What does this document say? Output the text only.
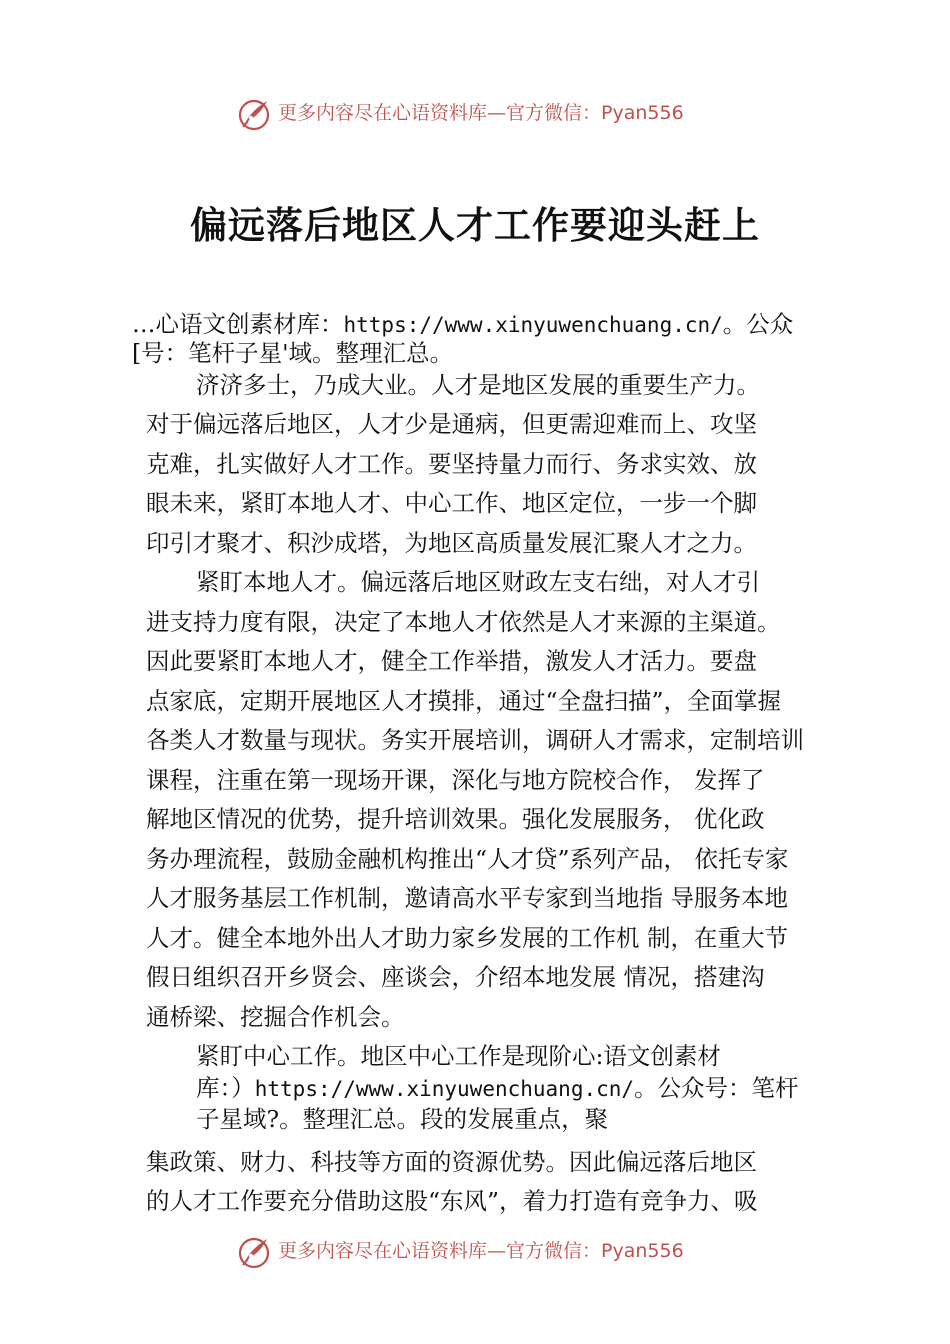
更多内容尽在心语资料库—官方微信：Pyan556
偏远落后地区人才工作要迎头赶上
…心语文创素材库：https://www.xinyuwenchuang.cn/。公众
[号：笔杆子星'域。整理汇总。
济济多士，乃成大业。人才是地区发展的重要生产力。
对于偏远落后地区，人才少是通病，但更需迎难而上、攻坚
克难，扎实做好人才工作。要坚持量力而行、务求实效、放
眼未来，紧盯本地人才、中心工作、地区定位，一步一个脚
印引才聚才、积沙成塔，为地区高质量发展汇聚人才之力。
紧盯本地人才。偏远落后地区财政左支右绌，对人才引
进支持力度有限，决定了本地人才依然是人才来源的主渠道。
因此要紧盯本地人才，健全工作举措，激发人才活力。要盘
点家底，定期开展地区人才摸排，通过“全盘扫描”，全面掌握
各类人才数量与现状。务实开展培训，调研人才需求，定制培训
课程，注重在第一现场开课，深化与地方院校合作， 发挥了
解地区情况的优势，提升培训效果。强化发展服务， 优化政
务办理流程，鼓励金融机构推出“人才贷”系列产品， 依托专家
人才服务基层工作机制，邀请高水平专家到当地指 导服务本地
人才。健全本地外出人才助力家乡发展的工作机 制，在重大节
假日组织召开乡贤会、座谈会，介绍本地发展 情况，搭建沟
通桥梁、挖掘合作机会。
紧盯中心工作。地区中心工作是现阶心:语文创素材
库：）https://www.xinyuwenchuang.cn/。公众号：笔杆
子星域?。整理汇总。段的发展重点，聚
集政策、财力、科技等方面的资源优势。因此偏远落后地区
的人才工作要充分借助这股“东风”，着力打造有竞争力、吸
更多内容尽在心语资料库—官方微信：Pyan556
